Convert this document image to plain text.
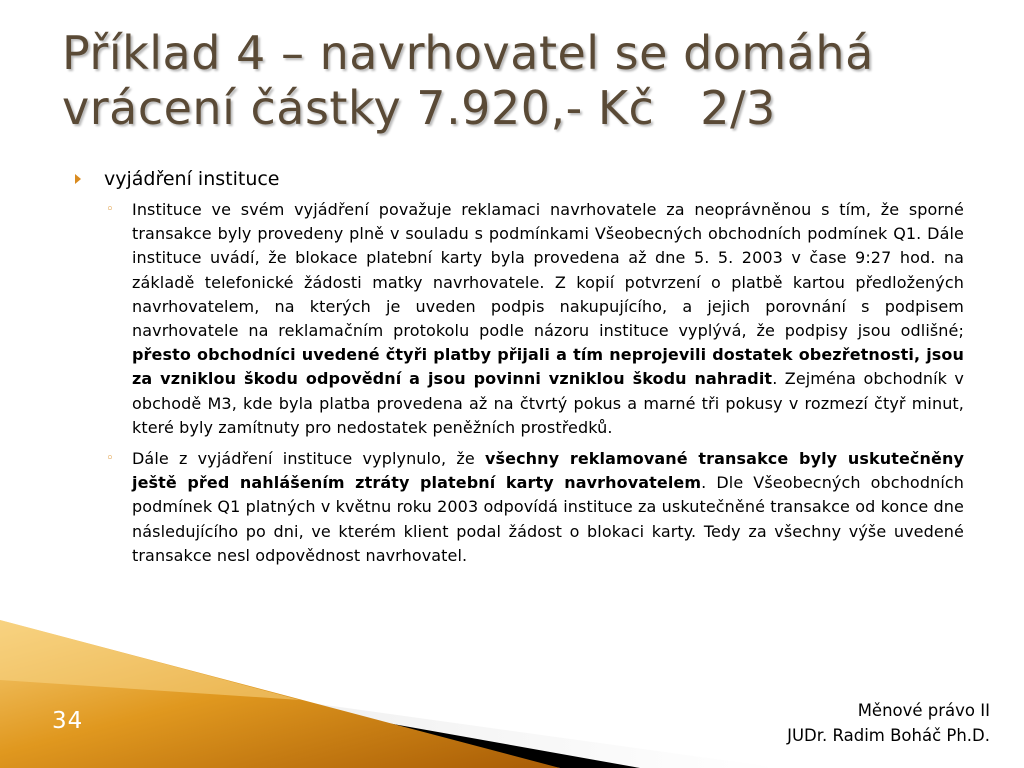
Příklad 4 – navrhovatel se domáhá
vrácení částky 7.920,- Kč 2/3
vyjádření instituce
◦ Instituce ve svém vyjádření považuje reklamaci navrhovatele za neoprávněnou s tím, že sporné transakce byly provedeny plně v souladu s podmínkami Všeobecných obchodních podmínek Q1. Dále instituce uvádí, že blokace platební karty byla provedena až dne 5. 5. 2003 v čase 9:27 hod. na základě telefonické žádosti matky navrhovatele. Z kopií potvrzení o platbě kartou předložených navrhovatelem, na kterých je uveden podpis nakupujícího, a jejich porovnání s podpisem navrhovatele na reklamačním protokolu podle názoru instituce vyplývá, že podpisy jsou odlišné; přesto obchodníci uvedené čtyři platby přijali a tím neprojevili dostatek obezřetnosti, jsou za vzniklou škodu odpovědní a jsou povinni vzniklou škodu nahradit. Zejména obchodník v obchodě M3, kde byla platba provedena až na čtvrtý pokus a marné tři pokusy v rozmezí čtyř minut, které byly zamítnuty pro nedostatek peněžních prostředků.
◦ Dále z vyjádření instituce vyplynulo, že všechny reklamované transakce byly uskutečněny ještě před nahlášením ztráty platební karty navrhovatelem. Dle Všeobecných obchodních podmínek Q1 platných v květnu roku 2003 odpovídá instituce za uskutečněné transakce od konce dne následujícího po dni, ve kterém klient podal žádost o blokaci karty. Tedy za všechny výše uvedené transakce nesl odpovědnost navrhovatel.
34	Měnové právo II
JUDr. Radim Boháč Ph.D.
